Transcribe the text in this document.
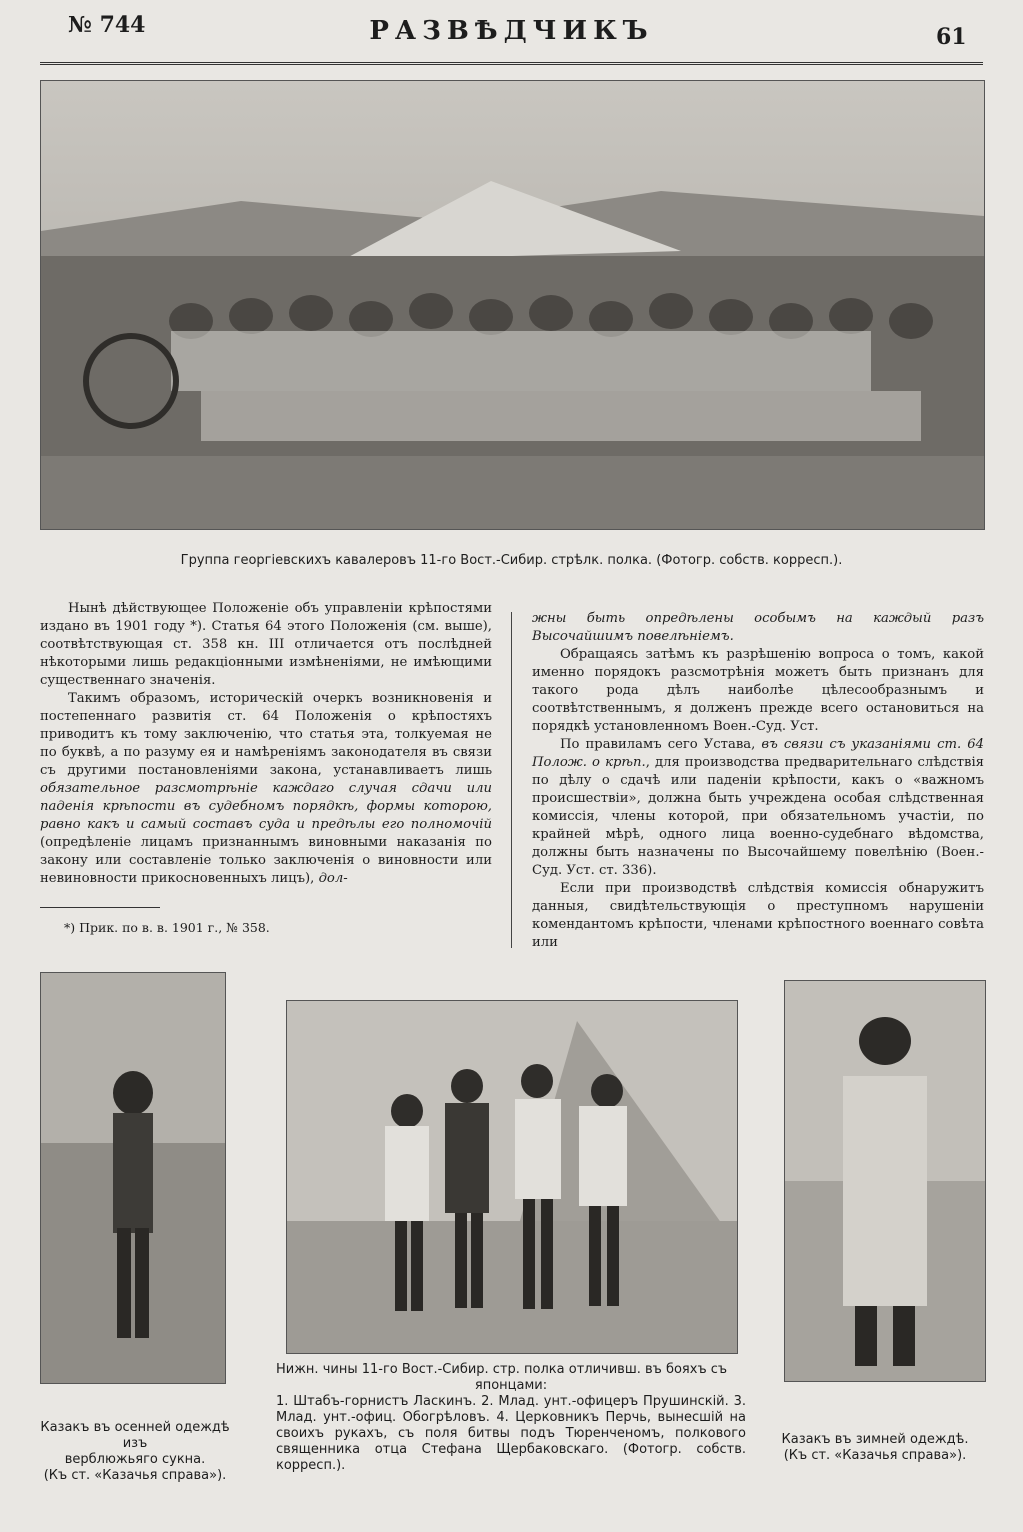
№ 744	РАЗВѢДЧИКЪ	61
Группа георгіевскихъ кавалеровъ 11-го Вост.-Сибир. стрѣлк. полка. (Фотогр. собств. корресп.).

Нынѣ дѣйствующее Положеніе объ управленіи крѣпостями издано въ 1901 году *). Статья 64 этого Положенія (см. выше), соотвѣтствующая ст. 358 кн. III отличается отъ послѣдней нѣкоторыми лишь редакціонными измѣненіями, не имѣющими существеннаго значенія.

Такимъ образомъ, историческій очеркъ возникновенія и постепеннаго развитія ст. 64 Положенія о крѣпостяхъ приводитъ къ тому заключенію, что статья эта, толкуемая не по буквѣ, а по разуму ея и намѣреніямъ законодателя въ связи съ другими постановленіями закона, устанавливаетъ лишь обязательное разсмотрѣніе каждаго случая сдачи или паденія крѣпости въ судебномъ порядкѣ, формы которою, равно какъ и самый составъ суда и предѣлы его полномочій (опредѣленіе лицамъ признаннымъ виновными наказанія по закону или составленіе только заключенія о виновности или невиновности прикосновенныхъ лицъ), дол-

*) Прик. по в. в. 1901 г., № 358.

жны быть опредѣлены особымъ на каждый разъ Высочайшимъ повелѣніемъ.

Обращаясь затѣмъ къ разрѣшенію вопроса о томъ, какой именно порядокъ разсмотрѣнія можетъ быть признанъ для такого рода дѣлъ наиболѣе цѣлесообразнымъ и соотвѣтственнымъ, я долженъ прежде всего остановиться на порядкѣ установленномъ Воен.-Суд. Уст.

По правиламъ сего Устава, въ связи съ указаніями ст. 64 Полож. о крѣп., для производства предварительнаго слѣдствія по дѣлу о сдачѣ или паденіи крѣпости, какъ о «важномъ происшествіи», должна быть учреждена особая слѣдственная комиссія, члены которой, при обязательномъ участіи, по крайней мѣрѣ, одного лица военно-судебнаго вѣдомства, должны быть назначены по Высочайшему повелѣнію (Воен.-Суд. Уст. ст. 336).

Если при производствѣ слѣдствія комиссія обнаружитъ данныя, свидѣтельствующія о преступномъ нарушеніи комендантомъ крѣпости, членами крѣпостного военнаго совѣта или

Казакъ въ осенней одеждѣ изъ
верблюжьяго сукна.
(Къ ст. «Казачья справа»).
Нижн. чины 11-го Вост.-Сибир. стр. полка отличивш. въ бояхъ съ
японцами:
1. Штабъ-горнистъ Ласкинъ. 2. Млад. унт.-офицеръ Прушинскій. 3. Млад. унт.-офиц. Обогрѣловъ. 4. Церковникъ Перчь, вынесшій на своихъ рукахъ, съ поля битвы подъ Тюренченомъ, полкового священника отца Стефана Щербаковскаго. (Фотогр. собств. корресп.).
Казакъ въ зимней одеждѣ.
(Къ ст. «Казачья справа»).
